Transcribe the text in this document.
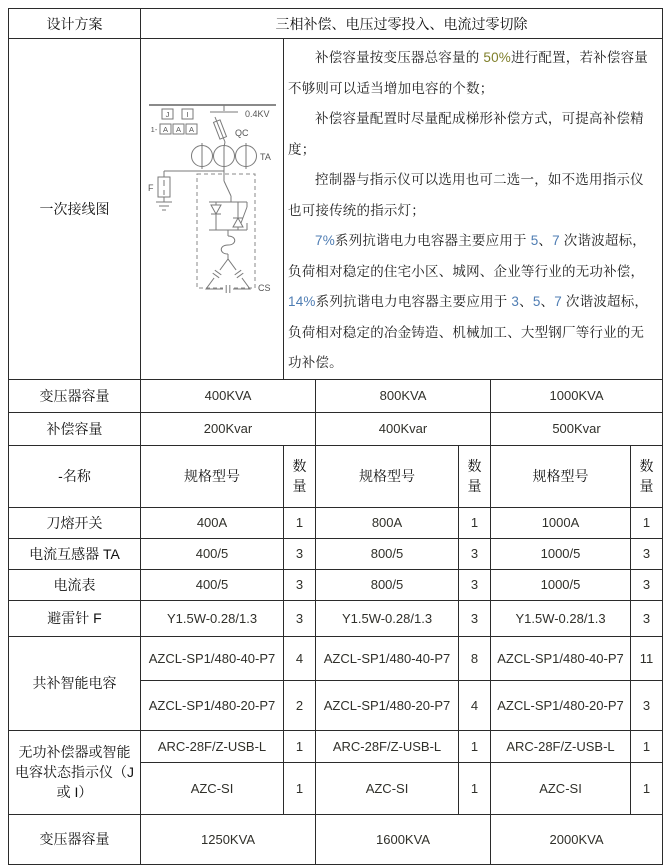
设计方案	三相补偿、电压过零投入、电流过零切除					
一次接线图	
0.4KV
QC
TA
F
CS
J I
1- A A A

补偿容量按变压器总容量的 50%进行配置，若补偿容量不够则可以适当增加电容的个数；

补偿容量配置时尽量配成梯形补偿方式，可提高补偿精度；

控制器与指示仪可以选用也可二选一，如不选用指示仪也可接传统的指示灯；

7%系列抗谐电力电容器主要应用于 5、7 次谐波超标，负荷相对稳定的住宅小区、城网、企业等行业的无功补偿，14%系列抗谐电力电容器主要应用于 3、5、7 次谐波超标，负荷相对稳定的冶金铸造、机械加工、大型钢厂等行业的无功补偿。

变压器容量	400KVA		800KVA		1000KVA	
补偿容量	200Kvar		400Kvar		500Kvar	
-名称	规格型号	数量	规格型号	数量	规格型号	数量
刀熔开关	400A	1	800A	1	1000A	1
电流互感器 TA	400/5	3	800/5	3	1000/5	3
电流表	400/5	3	800/5	3	1000/5	3
避雷针 F	Y1.5W-0.28/1.3	3	Y1.5W-0.28/1.3	3	Y1.5W-0.28/1.3	3
共补智能电容	AZCL-SP1/480-40-P7	4	AZCL-SP1/480-40-P7	8	AZCL-SP1/480-40-P7	11
	AZCL-SP1/480-20-P7	2	AZCL-SP1/480-20-P7	4	AZCL-SP1/480-20-P7	3
无功补偿器或智能电容状态指示仪（J 或 I）	ARC-28F/Z-USB-L	1	ARC-28F/Z-USB-L	1	ARC-28F/Z-USB-L	1
	AZC-SI	1	AZC-SI	1	AZC-SI	1
变压器容量	1250KVA		1600KVA		2000KVA	
